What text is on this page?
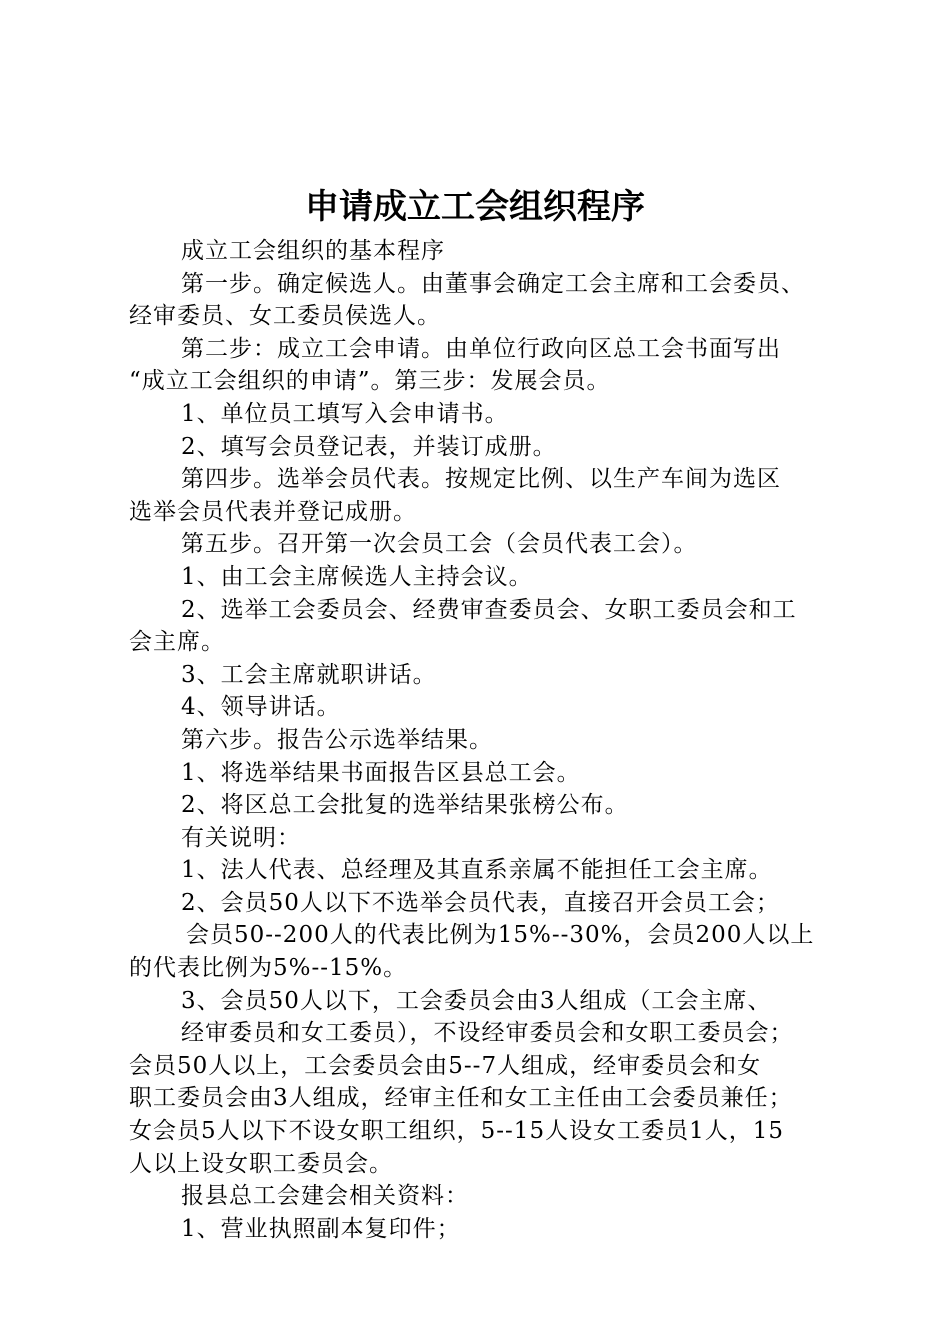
申请成立工会组织程序
成立工会组织的基本程序
第一步。确定候选人。由董事会确定工会主席和工会委员、
经审委员、女工委员侯选人。
第二步：成立工会申请。由单位行政向区总工会书面写出
“成立工会组织的申请”。第三步：发展会员。
1、单位员工填写入会申请书。
2、填写会员登记表，并装订成册。
第四步。选举会员代表。按规定比例、以生产车间为选区
选举会员代表并登记成册。
第五步。召开第一次会员工会（会员代表工会）。
1、由工会主席候选人主持会议。
2、选举工会委员会、经费审查委员会、女职工委员会和工
会主席。
3、工会主席就职讲话。
4、领导讲话。
第六步。报告公示选举结果。
1、将选举结果书面报告区县总工会。
2、将区总工会批复的选举结果张榜公布。
有关说明：
1、法人代表、总经理及其直系亲属不能担任工会主席。
2、会员50人以下不选举会员代表，直接召开会员工会；
会员50--200人的代表比例为15%--30%，会员200人以上
的代表比例为5%--15%。
3、会员50人以下，工会委员会由3人组成（工会主席、
经审委员和女工委员），不设经审委员会和女职工委员会；
会员50人以上，工会委员会由5--7人组成，经审委员会和女
职工委员会由3人组成，经审主任和女工主任由工会委员兼任；
女会员5人以下不设女职工组织，5--15人设女工委员1人，15
人以上设女职工委员会。
报县总工会建会相关资料：
1、营业执照副本复印件；
